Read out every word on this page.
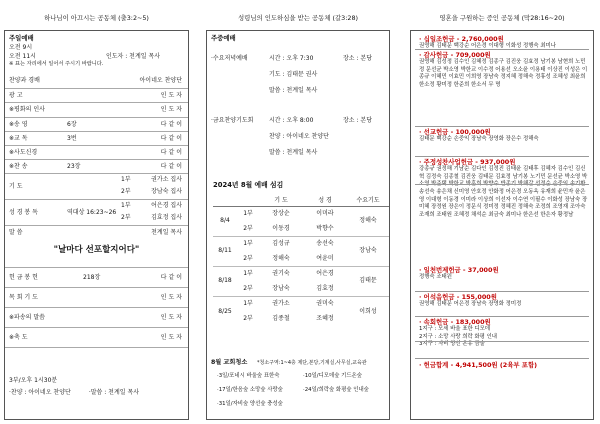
하나님이 아끄시는 공동체 (출3:2~5)
주일예배
오전 9시
오전 11시	인도자 : 천계일 목사
※ 표는 자리에서 일어서 주시기 바랍니다.
찬양과 경배	아이네오 찬양단
광 고	인 도 자
※평화의 인사	인 도 자
※송 영	6장	다 같 이
※교 독	3번	다 같 이
※사도신경	다 같 이
※찬 송	23장	다 같 이
기 도
1부	권가소 집사
2부	장남숙 집사
성 경 봉 독	역대상 16:23~26
1부	어은경 집사
2부	김효정 집사
말 씀	천계일 목사
"날마다 선포할지어다"
헌 금 봉 헌	218장	다 같 이
목 회 기 도	인 도 자
※파송의 말씀	인 도 자
※축 도	인 도 자
3부/오후 1시30분
·찬양 : 아이네오 찬양단	·말씀 : 천계일 목사
성령님의 인도하심을 받는 공동체 (갈3:28)
주중예배
·수요저녁예배	시간 : 오후 7:30	장소 : 본당
기도 : 김태문 권사
말씀 : 천계일 목사
·금요찬양기도회	시간 : 오후 8:00	장소 : 본당
찬양 : 아이네오 찬양단
말씀 : 천계일 목사
2024년 8월 예배 섬김
		기 도	성 경	수요기도
8/4	1부	장상순	이미라	정해숙
	2부	이동경	박향수	
8/11	1부	김성규	송선숙	장남숙
	2부	정해숙	여윤미	
8/18	1부	권기숙	어은경	김태문
	2부	장남숙	김효정	
8/25	1부	권가소	권미숙	이희성
	2부	김종철	조혜정	
8월 교회청소 *청소구역:1~4층 제단,본당,기계실,사무실,교육관
·3일/포네시 바울숲 표한숙	·10일/디모데숲 기드온숲
·17일/한음숲 소망숲 사랑숲	·24일/희락숲 화평숲 인내숲
·31일/자비숲 양선숲 충성숲
영혼을 구원하는 증인 공동체 (막28:16~20)
· 십일조헌금 - 2,760,000원
권영해 김태문 백강순 어은경 이대형 이화성 정행숙 최미나
· 감사헌금 - 709,000원
권영해 김성정 김수인 김혜정 김종구 김진웅 김효정 남기봉 남현희 노민정 문선균 박소영 박한교 이수정 어용선 오소윤 이용태 이상진 이성은 이종규 이혜민 이효민 이희영 장남숙 정지혜 정해숙 정휴성 조혜성 최윤희 한소정 황미정 한준희 한소서 무 명
· 선교헌금 - 100,000원
김태문 백강순 손중익 장남숙 장영화 장은수 정해숙
· 주정성찬사업헌금 - 937,000원
강종규 권정해 기남순 김다인 김정진 김태윤 김태후 김혜자 김수인 김신혁 김정숙 김종철 김진웅 김태문 김효정 남기봉 노기민 문선균 박소영 박소영 박준택 박한교 박훈희 박향수 반종기 박해갈 선정순 손중익 송기환 송선숙 송은채 신미영 안호정 안화정 어은경 오동옥 유재희 윤민자 윤은영 이대형 이동경 이미라 이상희 이선자 이수연 이필수 이화성 장남숙 장미혜 장정원 장은이 정문식 정미정 정혜진 정해숙 조정희 조영재 조아숙 조재희 조태원 조혜정 채석순 최금숙 최미나 한은선 한은자 황정남
· 일천번제헌금 - 37,000원
정행숙 조태윈
· 어석음헌금 - 155,000원
권영해 김태문 어은경 장남숙 장영화 정미정
· 속회헌금 - 183,000원
1지구 : 모세 바울 표한 디모데
2지구 : 소망 사랑 희락 화평 인내
3지구 : 자비 양선 온유 금술
· 헌금합계 - 4,941,500원 (2육부 포함)
